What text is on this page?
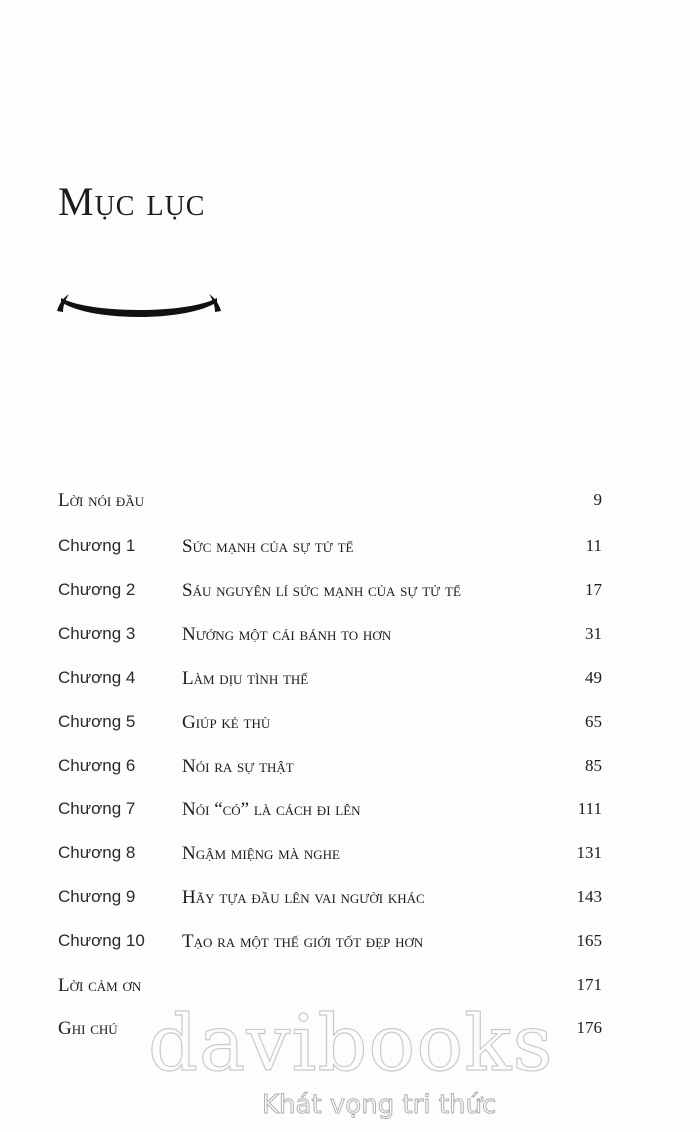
Mục lục
Lời nói đầu	9
Chương 1 Sức mạnh của sự tử tế	11
Chương 2 Sáu nguyên lí sức mạnh của sự tử tế	17
Chương 3 Nướng một cái bánh to hơn	31
Chương 4 Làm dịu tình thế	49
Chương 5 Giúp kẻ thù	65
Chương 6 Nói ra sự thật	85
Chương 7 Nói “có” là cách đi lên	111
Chương 8 Ngậm miệng mà nghe	131
Chương 9 Hãy tựa đầu lên vai người khác	143
Chương 10 Tạo ra một thế giới tốt đẹp hơn	165
Lời cảm ơn	171
Ghi chú	176
davibooks
Khát vọng tri thức
